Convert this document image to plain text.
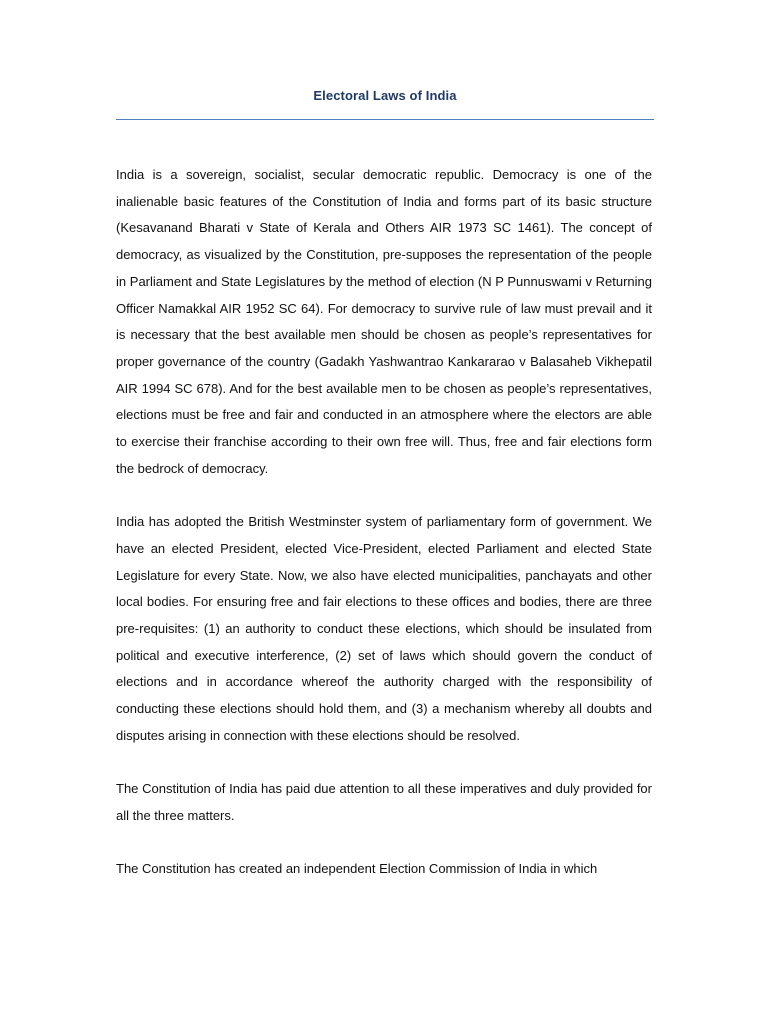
Electoral Laws of India

India is a sovereign, socialist, secular democratic republic. Democracy is one of the inalienable basic features of the Constitution of India and forms part of its basic structure (Kesavanand Bharati v State of Kerala and Others AIR 1973 SC 1461). The concept of democracy, as visualized by the Constitution, pre-supposes the representation of the people in Parliament and State Legislatures by the method of election (N P Punnuswami v Returning Officer Namakkal AIR 1952 SC 64). For democracy to survive rule of law must prevail and it is necessary that the best available men should be chosen as people’s representatives for proper governance of the country (Gadakh Yashwantrao Kankararao v Balasaheb Vikhepatil AIR 1994 SC 678). And for the best available men to be chosen as people’s representatives, elections must be free and fair and conducted in an atmosphere where the electors are able to exercise their franchise according to their own free will. Thus, free and fair elections form the bedrock of democracy.

India has adopted the British Westminster system of parliamentary form of government. We have an elected President, elected Vice-President, elected Parliament and elected State Legislature for every State. Now, we also have elected municipalities, panchayats and other local bodies. For ensuring free and fair elections to these offices and bodies, there are three pre-requisites: (1) an authority to conduct these elections, which should be insulated from political and executive interference, (2) set of laws which should govern the conduct of elections and in accordance whereof the authority charged with the responsibility of conducting these elections should hold them, and (3) a mechanism whereby all doubts and disputes arising in connection with these elections should be resolved.

The Constitution of India has paid due attention to all these imperatives and duly provided for all the three matters.

The Constitution has created an independent Election Commission of India in which
